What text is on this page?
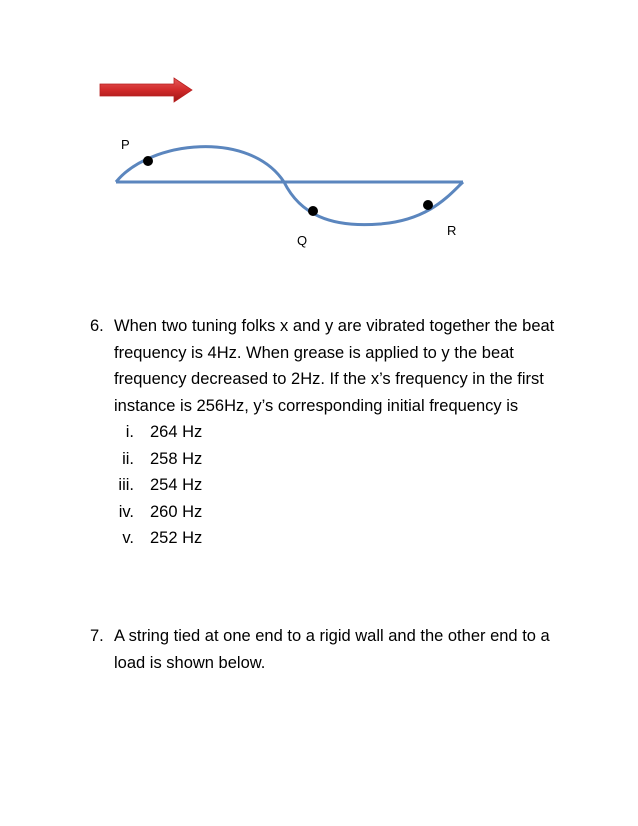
P
Q
R
6. When two tuning folks x and y are vibrated together the beat frequency is 4Hz. When grease is applied to y the beat frequency decreased to 2Hz. If the x’s frequency in the first instance is 256Hz, y’s corresponding initial frequency is
i. 264 Hz
ii. 258 Hz
iii. 254 Hz
iv. 260 Hz
v. 252 Hz
7. A string tied at one end to a rigid wall and the other end to a load is shown below.
